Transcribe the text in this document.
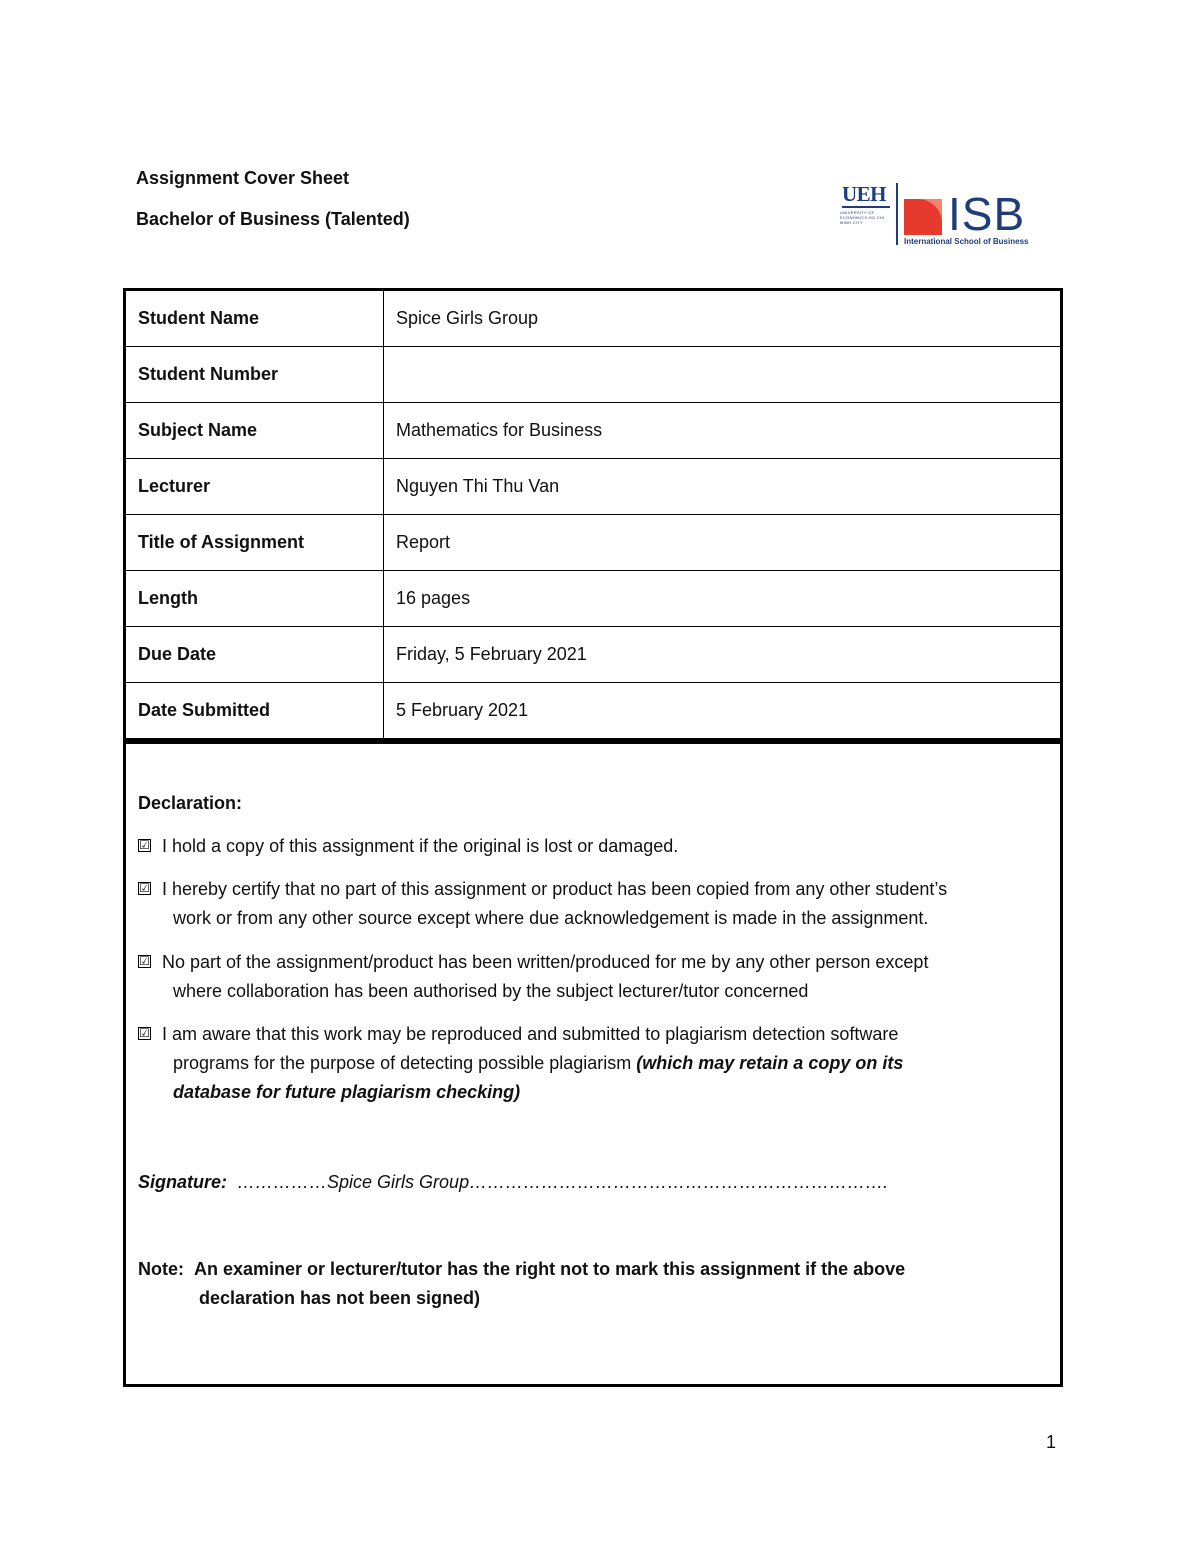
Assignment Cover Sheet
Bachelor of Business (Talented)
UEH
UNIVERSITY OF ECONOMICS HO CHI MINH CITY	ISB
International School of Business
Student Name	Spice Girls Group
Student Number	
Subject Name	Mathematics for Business
Lecturer	Nguyen Thi Thu Van
Title of Assignment	Report
Length	16 pages
Due Date	Friday, 5 February 2021
Date Submitted	5 February 2021
Declaration:
☑ I hold a copy of this assignment if the original is lost or damaged.
☑ I hereby certify that no part of this assignment or product has been copied from any other student’s
work or from any other source except where due acknowledgement is made in the assignment.
☑ No part of the assignment/product has been written/produced for me by any other person except
where collaboration has been authorised by the subject lecturer/tutor concerned
☑ I am aware that this work may be reproduced and submitted to plagiarism detection software
programs for the purpose of detecting possible plagiarism (which may retain a copy on its
database for future plagiarism checking)
Signature: ……………Spice Girls Group…………………………………………………………….
Note: An examiner or lecturer/tutor has the right not to mark this assignment if the above
declaration has not been signed)
1
